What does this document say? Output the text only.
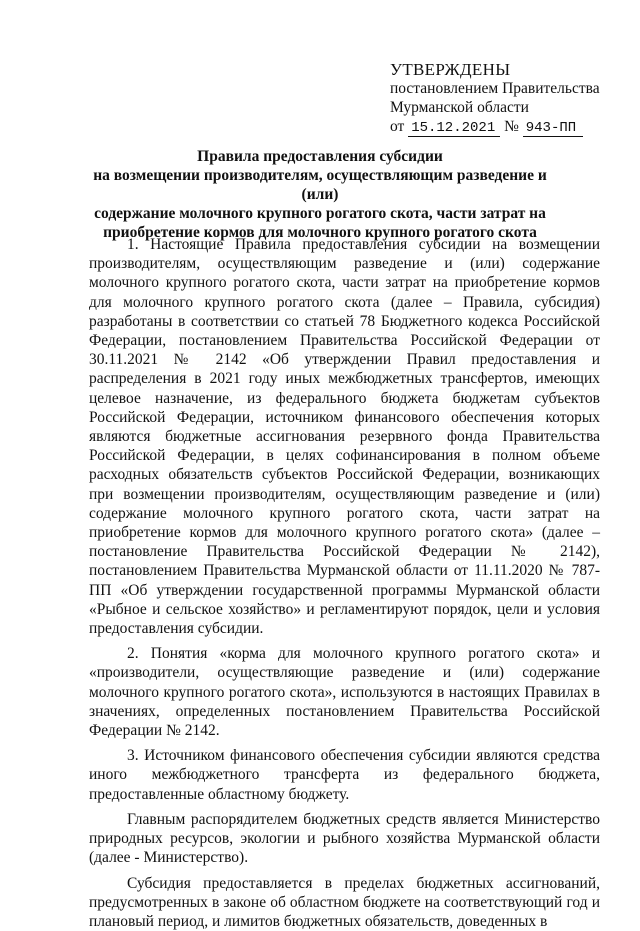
УТВЕРЖДЕНЫ
постановлением Правительства
Мурманской области
от 15.12.2021 № 943-ПП
Правила предоставления субсидии
на возмещении производителям, осуществляющим разведение и (или)
содержание молочного крупного рогатого скота, части затрат на
приобретение кормов для молочного крупного рогатого скота

1. Настоящие Правила предоставления субсидии на возмещении производителям, осуществляющим разведение и (или) содержание молочного крупного рогатого скота, части затрат на приобретение кормов для молочного крупного рогатого скота (далее – Правила, субсидия) разработаны в соответствии со статьей 78 Бюджетного кодекса Российской Федерации, постановлением Правительства Российской Федерации от 30.11.2021 № 2142 «Об утверждении Правил предоставления и распределения в 2021 году иных межбюджетных трансфертов, имеющих целевое назначение, из федерального бюджета бюджетам субъектов Российской Федерации, источником финансового обеспечения которых являются бюджетные ассигнования резервного фонда Правительства Российской Федерации, в целях софинансирования в полном объеме расходных обязательств субъектов Российской Федерации, возникающих при возмещении производителям, осуществляющим разведение и (или) содержание молочного крупного рогатого скота, части затрат на приобретение кормов для молочного крупного рогатого скота» (далее – постановление Правительства Российской Федерации № 2142), постановлением Правительства Мурманской области от 11.11.2020 № 787-ПП «Об утверждении государственной программы Мурманской области «Рыбное и сельское хозяйство» и регламентируют порядок, цели и условия предоставления субсидии.

2. Понятия «корма для молочного крупного рогатого скота» и «производители, осуществляющие разведение и (или) содержание молочного крупного рогатого скота», используются в настоящих Правилах в значениях, определенных постановлением Правительства Российской Федерации № 2142.

3. Источником финансового обеспечения субсидии являются средства иного межбюджетного трансферта из федерального бюджета, предоставленные областному бюджету.

Главным распорядителем бюджетных средств является Министерство природных ресурсов, экологии и рыбного хозяйства Мурманской области (далее - Министерство).

Субсидия предоставляется в пределах бюджетных ассигнований, предусмотренных в законе об областном бюджете на соответствующий год и плановый период, и лимитов бюджетных обязательств, доведенных в
